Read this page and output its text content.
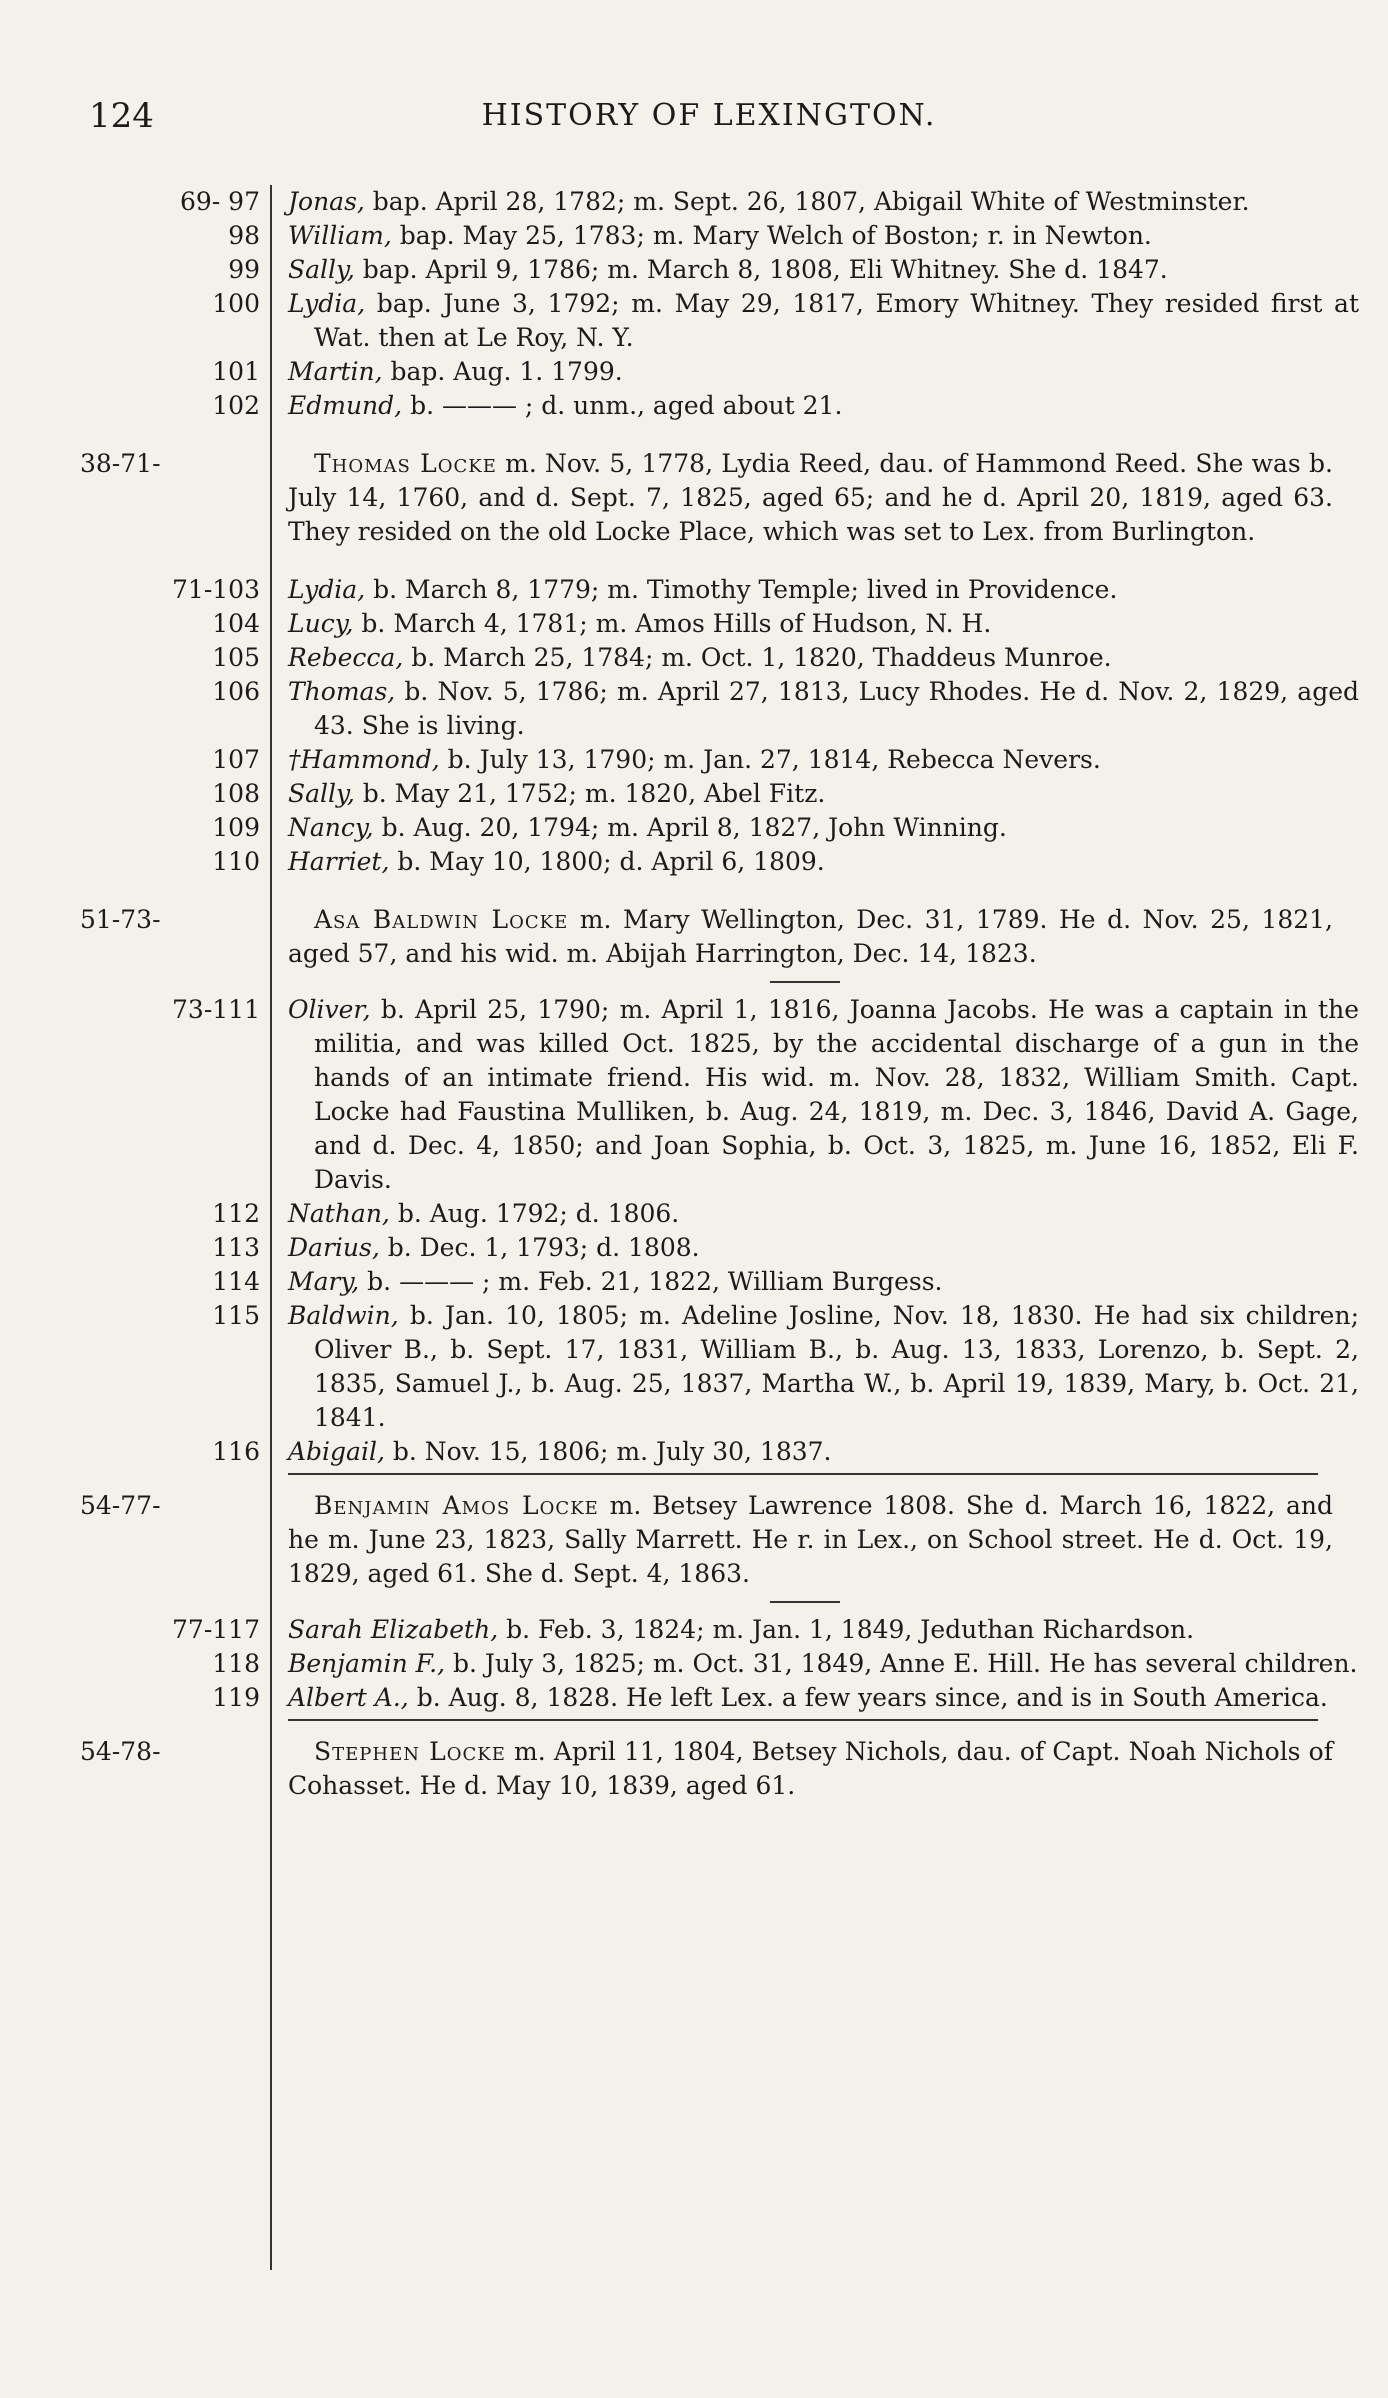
124	HISTORY OF LEXINGTON.
69- 97	Jonas, bap. April 28, 1782; m. Sept. 26, 1807, Abigail White of Westminster.
98	William, bap. May 25, 1783; m. Mary Welch of Boston; r. in Newton.
99	Sally, bap. April 9, 1786; m. March 8, 1808, Eli Whitney. She d. 1847.
100	Lydia, bap. June 3, 1792; m. May 29, 1817, Emory Whitney. They resided first at Wat. then at Le Roy, N. Y.
101	Martin, bap. Aug. 1. 1799.
102	Edmund, b. ——— ; d. unm., aged about 21.
38-71-	Thomas Locke m. Nov. 5, 1778, Lydia Reed, dau. of Hammond Reed. She was b. July 14, 1760, and d. Sept. 7, 1825, aged 65; and he d. April 20, 1819, aged 63. They resided on the old Locke Place, which was set to Lex. from Burlington.
71-103	Lydia, b. March 8, 1779; m. Timothy Temple; lived in Providence.
104	Lucy, b. March 4, 1781; m. Amos Hills of Hudson, N. H.
105	Rebecca, b. March 25, 1784; m. Oct. 1, 1820, Thaddeus Munroe.
106	Thomas, b. Nov. 5, 1786; m. April 27, 1813, Lucy Rhodes. He d. Nov. 2, 1829, aged 43. She is living.
107	†Hammond, b. July 13, 1790; m. Jan. 27, 1814, Rebecca Nevers.
108	Sally, b. May 21, 1752; m. 1820, Abel Fitz.
109	Nancy, b. Aug. 20, 1794; m. April 8, 1827, John Winning.
110	Harriet, b. May 10, 1800; d. April 6, 1809.
51-73-	Asa Baldwin Locke m. Mary Wellington, Dec. 31, 1789. He d. Nov. 25, 1821, aged 57, and his wid. m. Abijah Harrington, Dec. 14, 1823.
73-111	Oliver, b. April 25, 1790; m. April 1, 1816, Joanna Jacobs. He was a captain in the militia, and was killed Oct. 1825, by the accidental discharge of a gun in the hands of an intimate friend. His wid. m. Nov. 28, 1832, William Smith. Capt. Locke had Faustina Mulliken, b. Aug. 24, 1819, m. Dec. 3, 1846, David A. Gage, and d. Dec. 4, 1850; and Joan Sophia, b. Oct. 3, 1825, m. June 16, 1852, Eli F. Davis.
112	Nathan, b. Aug. 1792; d. 1806.
113	Darius, b. Dec. 1, 1793; d. 1808.
114	Mary, b. ——— ; m. Feb. 21, 1822, William Burgess.
115	Baldwin, b. Jan. 10, 1805; m. Adeline Josline, Nov. 18, 1830. He had six children; Oliver B., b. Sept. 17, 1831, William B., b. Aug. 13, 1833, Lorenzo, b. Sept. 2, 1835, Samuel J., b. Aug. 25, 1837, Martha W., b. April 19, 1839, Mary, b. Oct. 21, 1841.
116	Abigail, b. Nov. 15, 1806; m. July 30, 1837.
54-77-	Benjamin Amos Locke m. Betsey Lawrence 1808. She d. March 16, 1822, and he m. June 23, 1823, Sally Marrett. He r. in Lex., on School street. He d. Oct. 19, 1829, aged 61. She d. Sept. 4, 1863.
77-117	Sarah Elizabeth, b. Feb. 3, 1824; m. Jan. 1, 1849, Jeduthan Richardson.
118	Benjamin F., b. July 3, 1825; m. Oct. 31, 1849, Anne E. Hill. He has several children.
119	Albert A., b. Aug. 8, 1828. He left Lex. a few years since, and is in South America.
54-78-	Stephen Locke m. April 11, 1804, Betsey Nichols, dau. of Capt. Noah Nichols of Cohasset. He d. May 10, 1839, aged 61.
